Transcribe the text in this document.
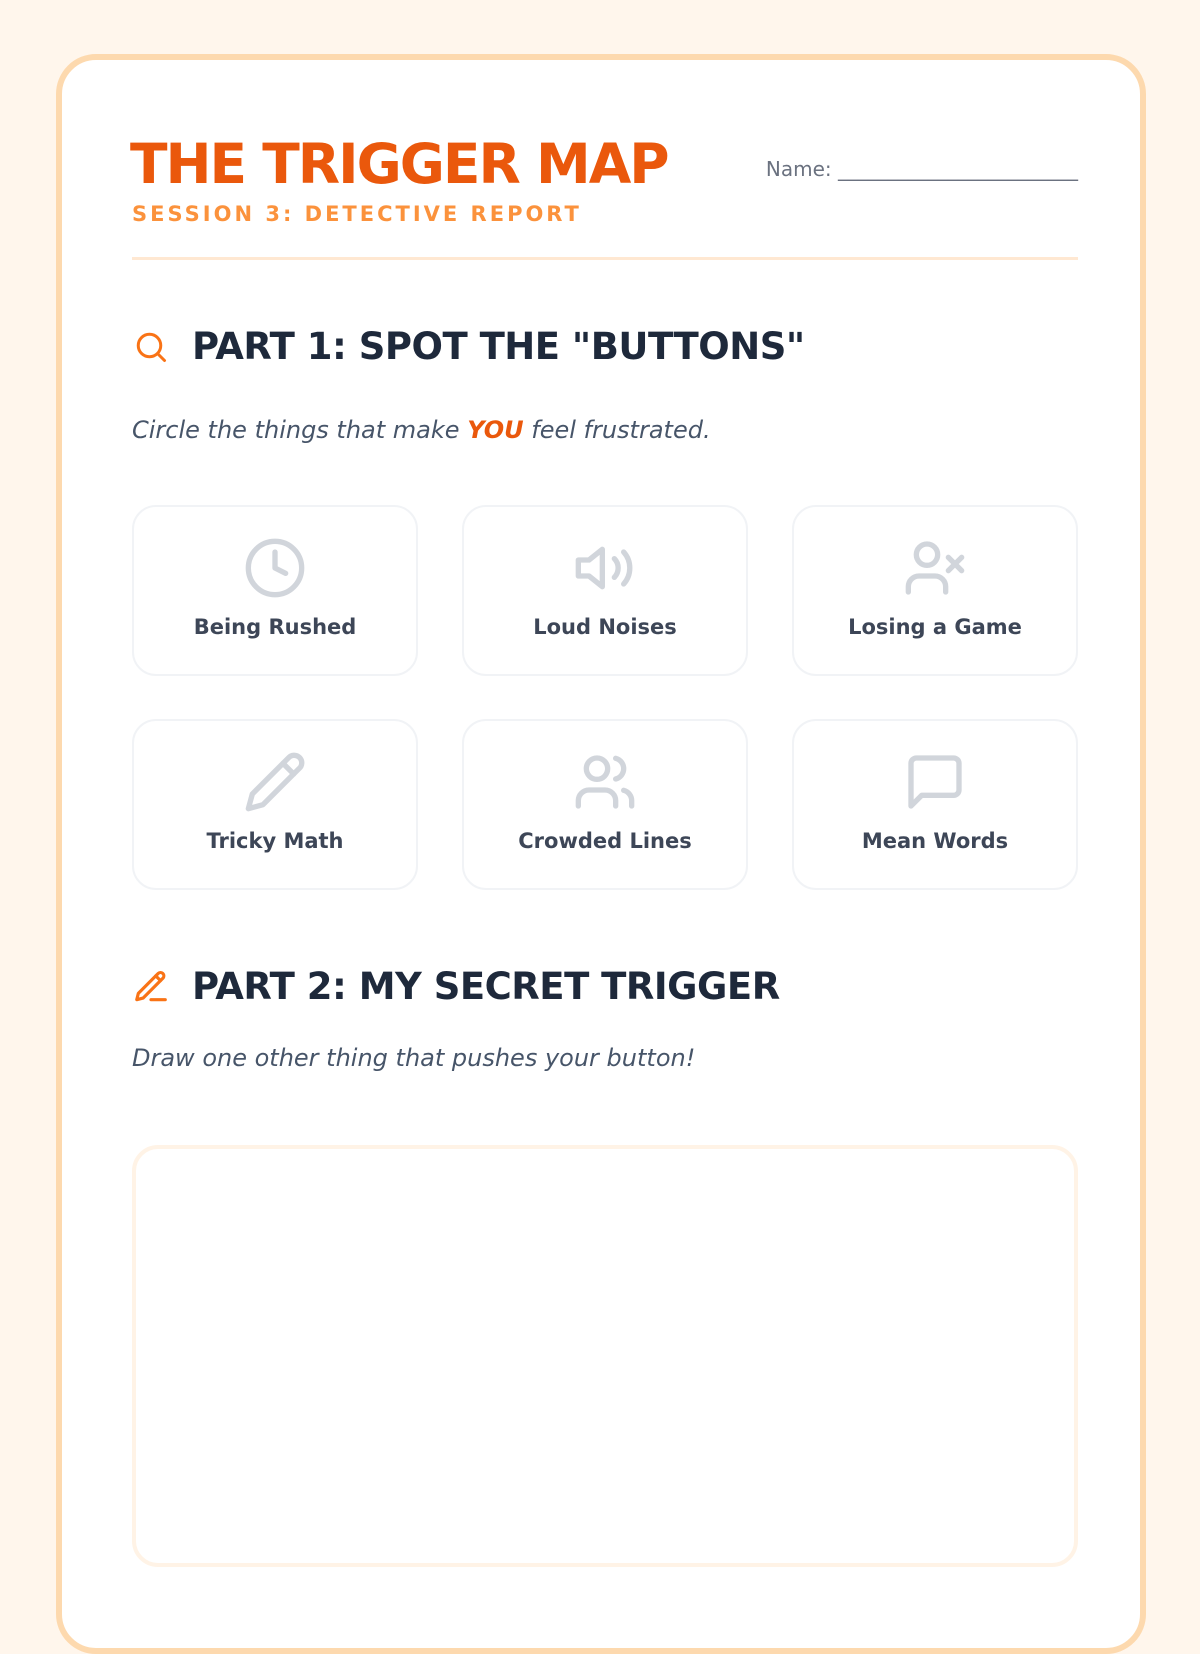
THE TRIGGER MAP
SESSION 3: DETECTIVE REPORT
Name: ________________________
PART 1: SPOT THE "BUTTONS"
Circle the things that make YOU feel frustrated.
Being Rushed	Loud Noises	Losing a Game
Tricky Math	Crowded Lines	Mean Words
PART 2: MY SECRET TRIGGER
Draw one other thing that pushes your button!
